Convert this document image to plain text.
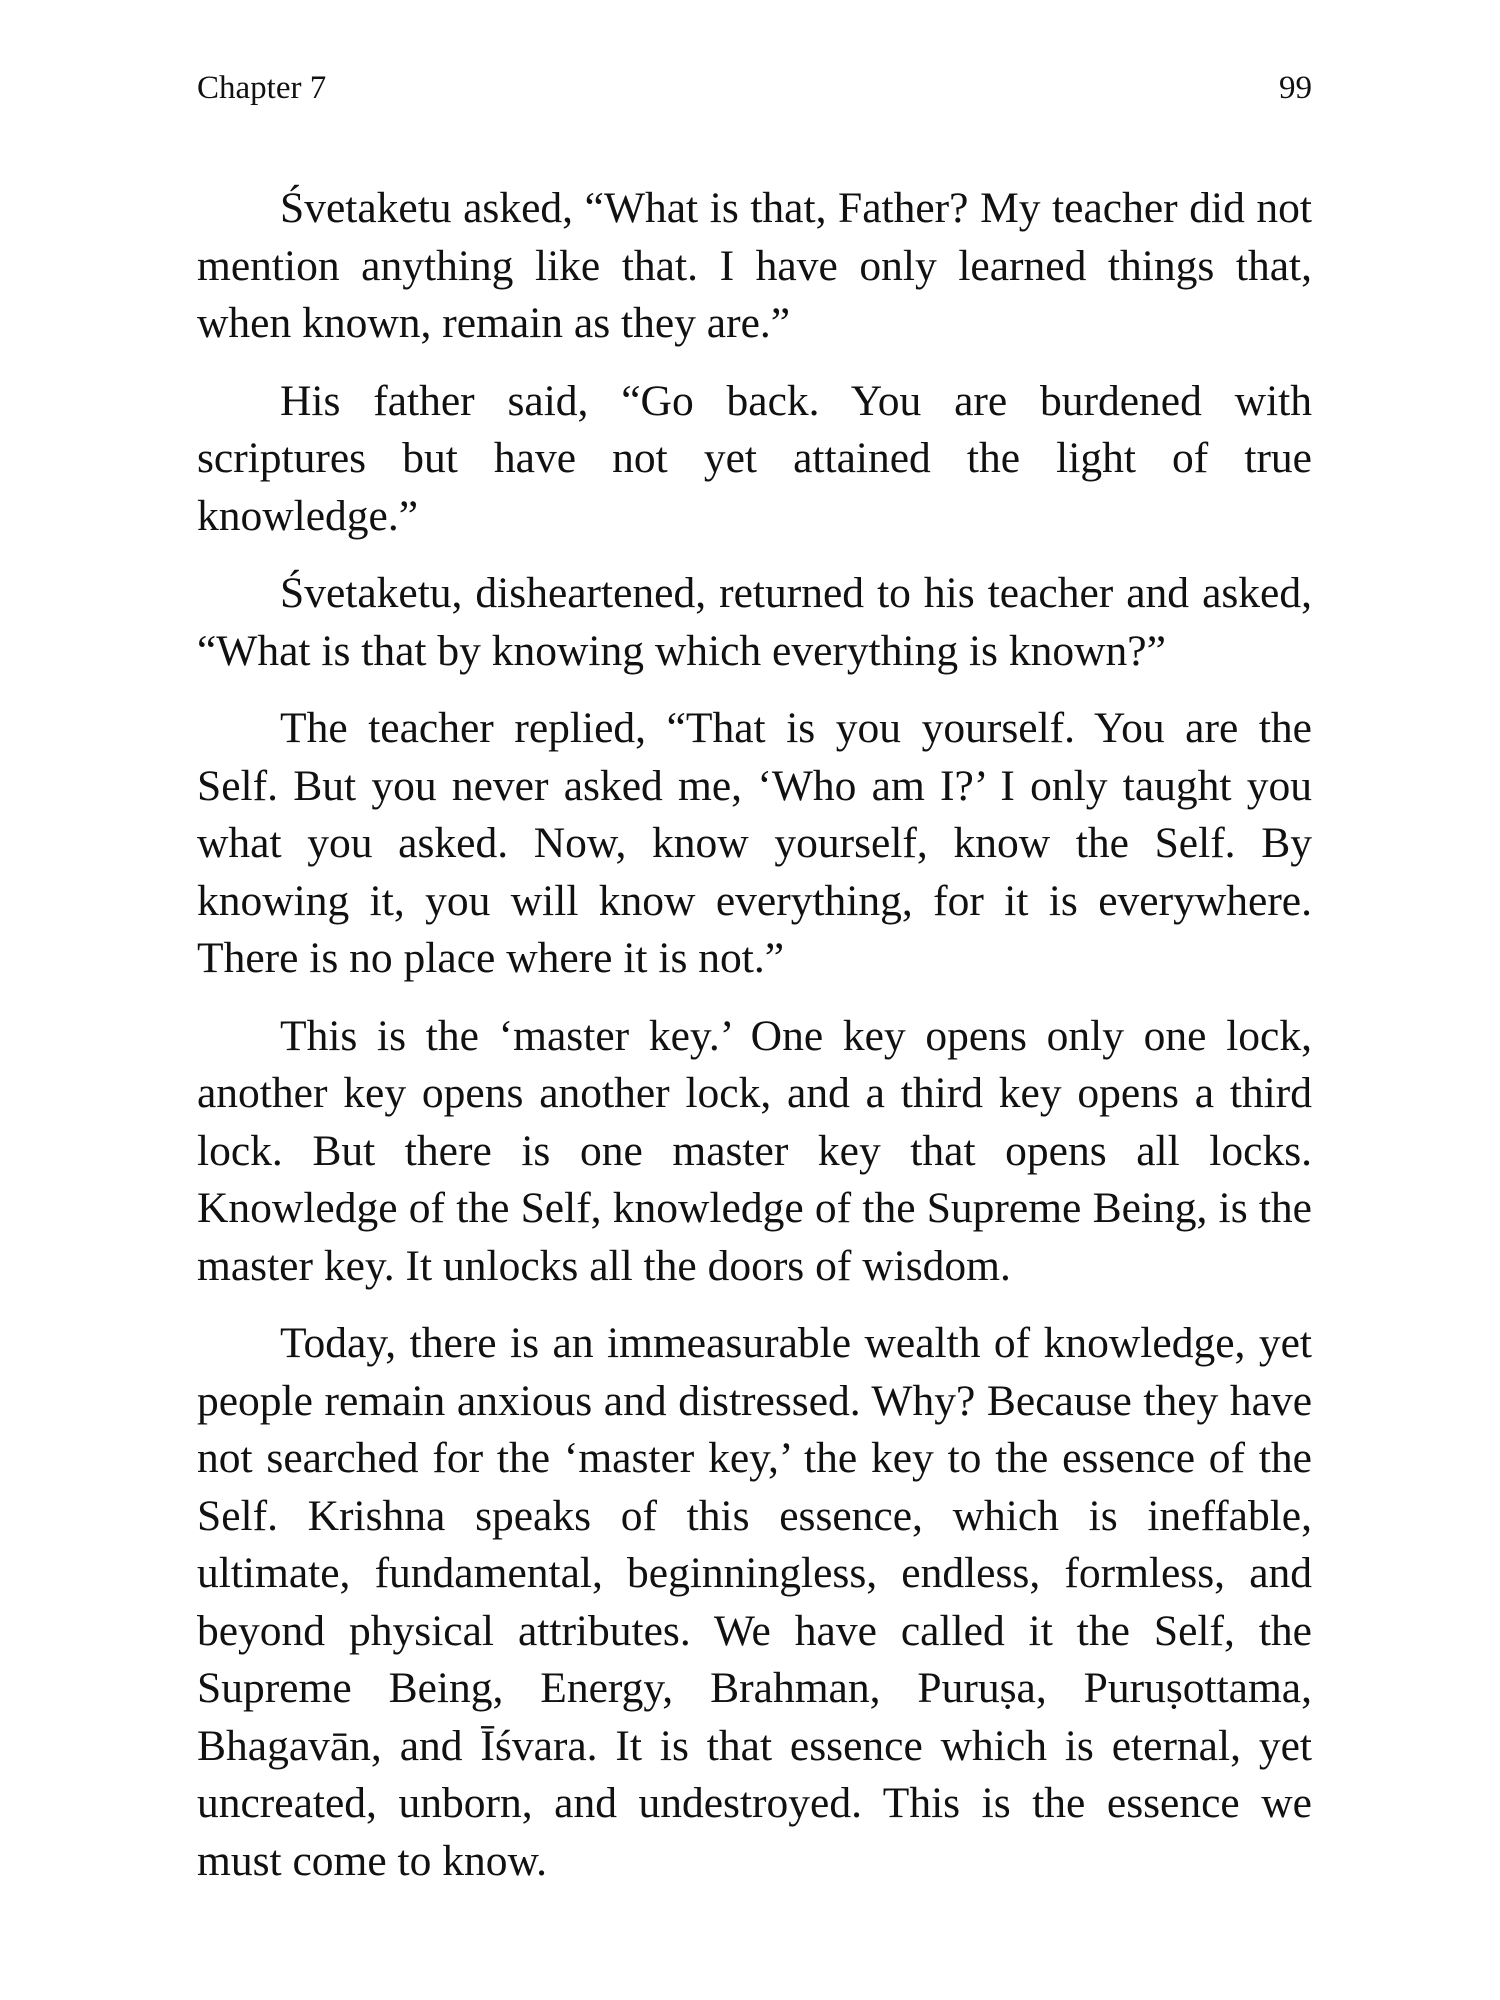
Chapter 7	99

Śvetaketu asked, “What is that, Father? My teacher did not mention anything like that. I have only learned things that, when known, remain as they are.”

His father said, “Go back. You are burdened with scriptures but have not yet attained the light of true knowledge.”

Śvetaketu, disheartened, returned to his teacher and asked, “What is that by knowing which everything is known?”

The teacher replied, “That is you yourself. You are the Self. But you never asked me, ‘Who am I?’ I only taught you what you asked. Now, know yourself, know the Self. By knowing it, you will know everything, for it is everywhere. There is no place where it is not.”

This is the ‘master key.’ One key opens only one lock, another key opens another lock, and a third key opens a third lock. But there is one master key that opens all locks. Knowledge of the Self, knowledge of the Supreme Being, is the master key. It unlocks all the doors of wisdom.

Today, there is an immeasurable wealth of knowledge, yet people remain anxious and distressed. Why? Because they have not searched for the ‘master key,’ the key to the essence of the Self. Krishna speaks of this essence, which is ineffable, ultimate, fundamental, beginningless, endless, formless, and beyond physical attributes. We have called it the Self, the Supreme Being, Energy, Brahman, Puruṣa, Puruṣottama, Bhagavān, and Īśvara. It is that essence which is eternal, yet uncreated, unborn, and undestroyed. This is the essence we must come to know.
